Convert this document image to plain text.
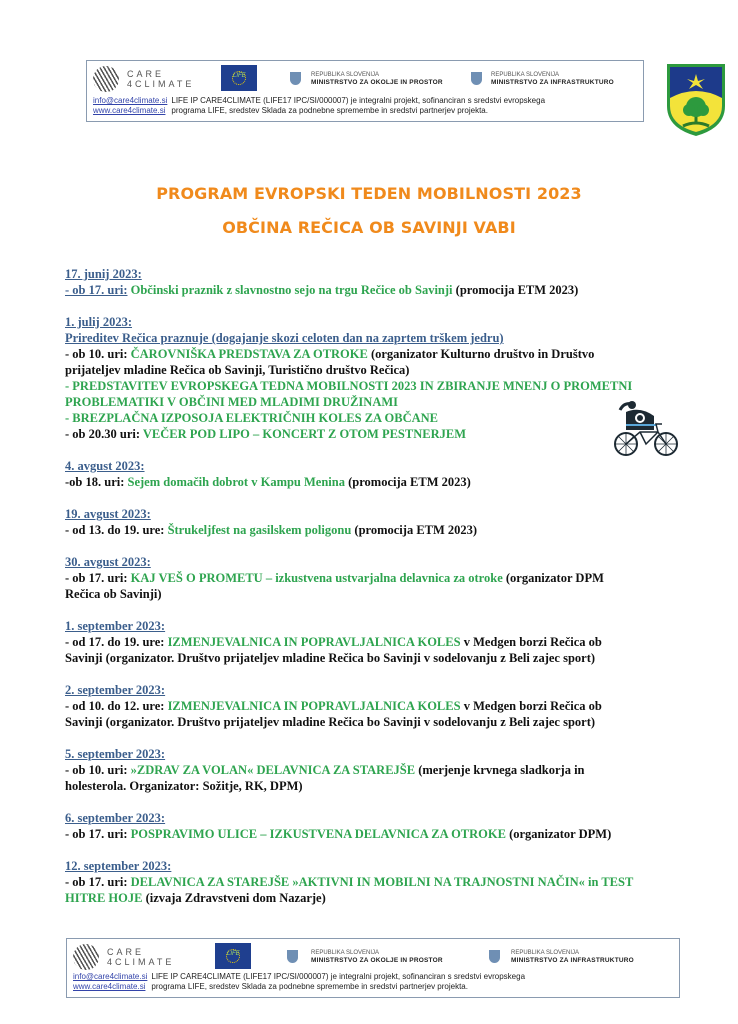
CARE
4CLIMATE
LIFE	REPUBLIKA SLOVENIJA
MINISTRSTVO ZA OKOLJE IN PROSTOR
REPUBLIKA SLOVENIJA
MINISTRSTVO ZA INFRASTRUKTURO
info@care4climate.si
www.care4climate.si
LIFE IP CARE4CLIMATE (LIFE17 IPC/SI/000007) je integralni projekt, sofinanciran s sredstvi evropskega
programa LIFE, sredstev Sklada za podnebne spremembe in sredstvi partnerjev projekta.
PROGRAM EVROPSKI TEDEN MOBILNOSTI 2023
OBČINA REČICA OB SAVINJI VABI
17. junij 2023:
- ob 17. uri: Občinski praznik z slavnostno sejo na trgu Rečice ob Savinji (promocija ETM 2023)
1. julij 2023:
Prireditev Rečica praznuje (dogajanje skozi celoten dan na zaprtem trškem jedru)
- ob 10. uri: ČAROVNIŠKA PREDSTAVA ZA OTROKE (organizator Kulturno društvo in Društvo
prijateljev mladine Rečica ob Savinji, Turistično društvo Rečica)
- PREDSTAVITEV EVROPSKEGA TEDNA MOBILNOSTI 2023 IN ZBIRANJE MNENJ O PROMETNI
PROBLEMATIKI V OBČINI MED MLADIMI DRUŽINAMI
- BREZPLAČNA IZPOSOJA ELEKTRIČNIH KOLES ZA OBČANE
- ob 20.30 uri: VEČER POD LIPO – KONCERT Z OTOM PESTNERJEM
4. avgust 2023:
-ob 18. uri: Sejem domačih dobrot v Kampu Menina (promocija ETM 2023)
19. avgust 2023:
- od 13. do 19. ure: Štrukeljfest na gasilskem poligonu (promocija ETM 2023)
30. avgust 2023:
- ob 17. uri: KAJ VEŠ O PROMETU – izkustvena ustvarjalna delavnica za otroke (organizator DPM
Rečica ob Savinji)
1. september 2023:
- od 17. do 19. ure: IZMENJEVALNICA IN POPRAVLJALNICA KOLES v Medgen borzi Rečica ob
Savinji (organizator. Društvo prijateljev mladine Rečica bo Savinji v sodelovanju z Beli zajec sport)
2. september 2023:
- od 10. do 12. ure: IZMENJEVALNICA IN POPRAVLJALNICA KOLES v Medgen borzi Rečica ob
Savinji (organizator. Društvo prijateljev mladine Rečica bo Savinji v sodelovanju z Beli zajec sport)
5. september 2023:
- ob 10. uri: »ZDRAV ZA VOLAN« DELAVNICA ZA STAREJŠE (merjenje krvnega sladkorja in
holesterola. Organizator: Sožitje, RK, DPM)
6. september 2023:
- ob 17. uri: POSPRAVIMO ULICE – IZKUSTVENA DELAVNICA ZA OTROKE (organizator DPM)
12. september 2023:
- ob 17. uri: DELAVNICA ZA STAREJŠE »AKTIVNI IN MOBILNI NA TRAJNOSTNI NAČIN« in TEST
HITRE HOJE (izvaja Zdravstveni dom Nazarje)
CARE
4CLIMATE
LIFE	REPUBLIKA SLOVENIJA
MINISTRSTVO ZA OKOLJE IN PROSTOR
REPUBLIKA SLOVENIJA
MINISTRSTVO ZA INFRASTRUKTURO
info@care4climate.si
www.care4climate.si
LIFE IP CARE4CLIMATE (LIFE17 IPC/SI/000007) je integralni projekt, sofinanciran s sredstvi evropskega
programa LIFE, sredstev Sklada za podnebne spremembe in sredstvi partnerjev projekta.
